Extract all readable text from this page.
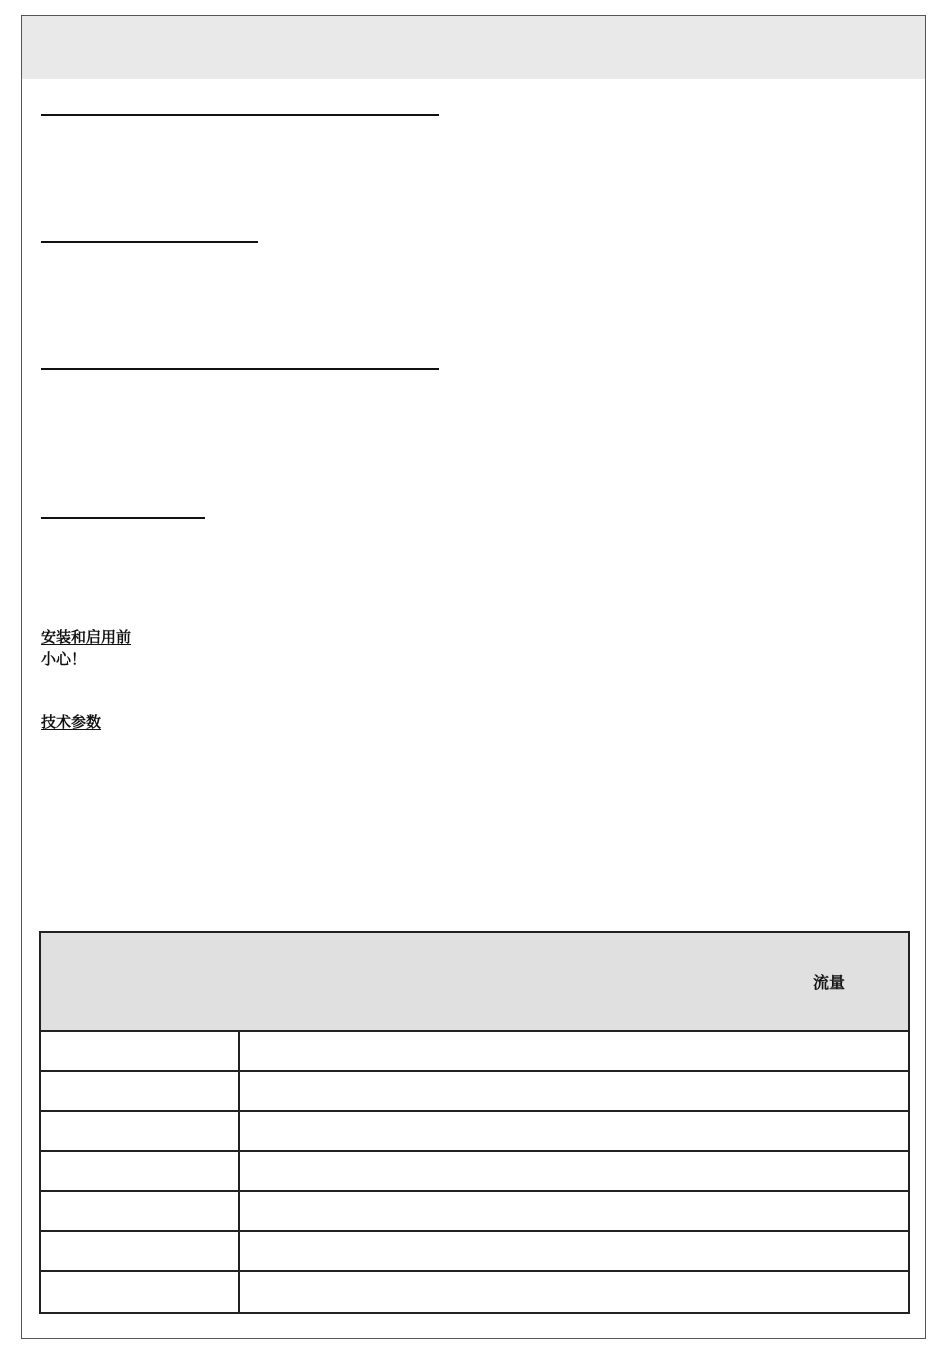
安装和启用前
小心！
技术参数
流量
